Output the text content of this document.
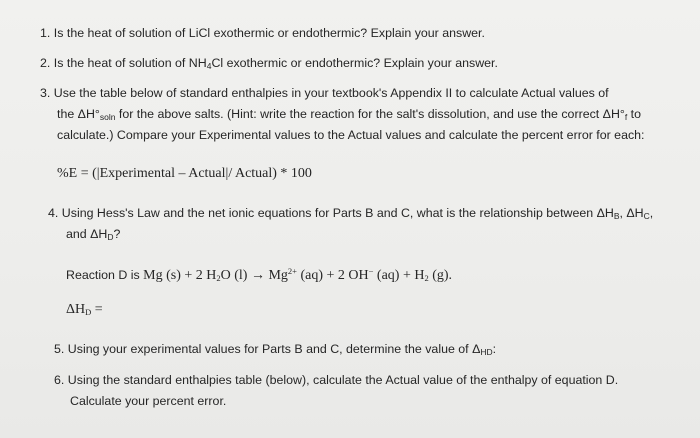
1. Is the heat of solution of LiCl exothermic or endothermic? Explain your answer.
2. Is the heat of solution of $NH_4Cl$ exothermic or endothermic? Explain your answer.
3. Use the table below of standard enthalpies in your textbook's Appendix II to calculate Actual values of
the $\Delta H^\circ_{soln}$ for the above salts. (Hint: write the reaction for the salt's dissolution, and use the correct $\Delta H^\circ_f$ to
calculate.) Compare your Experimental values to the Actual values and calculate the percent error for each:
%E = (|Experimental – Actual|/ Actual) * 100
4. Using Hess's Law and the net ionic equations for Parts B and C, what is the relationship between $\Delta H_B$, $\Delta H_C$,
and $\Delta H_D$?
Reaction D is Mg (s) + 2 $H_2O$ $(l) \to Mg^{2+}$ (aq) + 2 OH− $(aq) + H_2$ (g).
$\Delta H_D$ =
5. Using your experimental values for Parts B and C, determine the value of $\Delta_{HD}$:
6. Using the standard enthalpies table (below), calculate the Actual value of the enthalpy of equation D.
Calculate your percent error.
